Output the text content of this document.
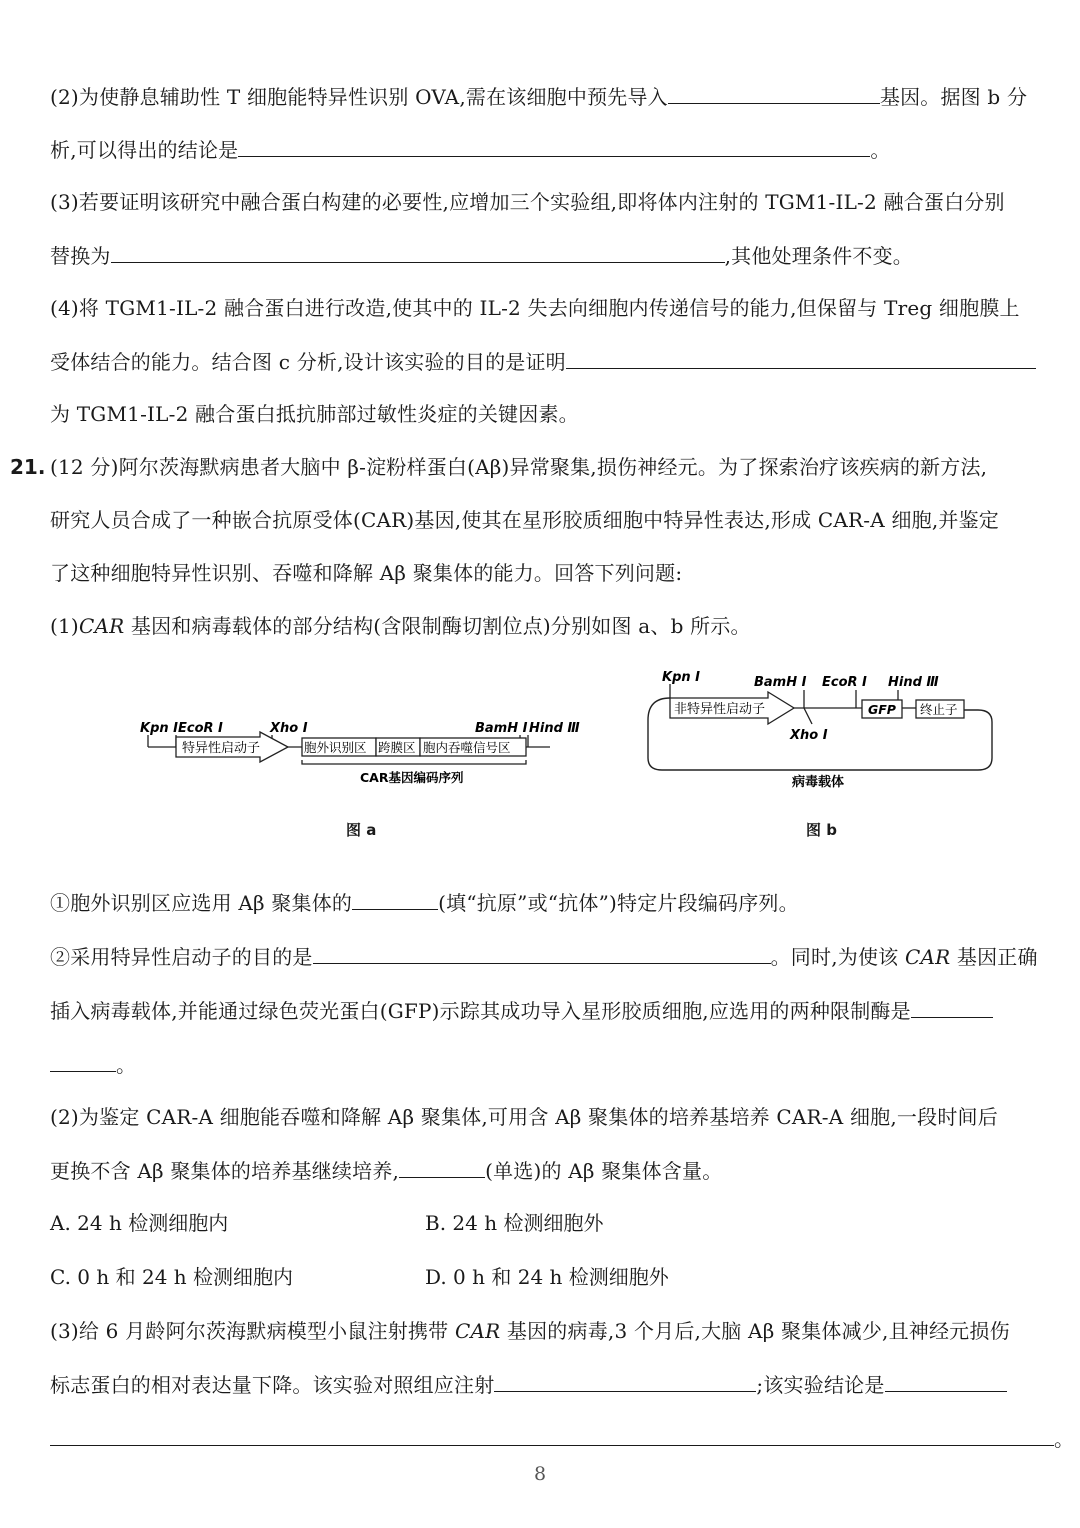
(2)为使静息辅助性 T 细胞能特异性识别 OVA,需在该细胞中预先导入	基因。据图 b 分
析,可以得出的结论是	。
(3)若要证明该研究中融合蛋白构建的必要性,应增加三个实验组,即将体内注射的 TGM1-IL-2 融合蛋白分别
替换为	,其他处理条件不变。
(4)将 TGM1-IL-2 融合蛋白进行改造,使其中的 IL-2 失去向细胞内传递信号的能力,但保留与 Treg 细胞膜上
受体结合的能力。结合图 c 分析,设计该实验的目的是证明
为 TGM1-IL-2 融合蛋白抵抗肺部过敏性炎症的关键因素。
21. (12 分)阿尔茨海默病患者大脑中 β-淀粉样蛋白(Aβ)异常聚集,损伤神经元。为了探索治疗该疾病的新方法,
研究人员合成了一种嵌合抗原受体(CAR)基因,使其在星形胶质细胞中特异性表达,形成 CAR-A 细胞,并鉴定
了这种细胞特异性识别、吞噬和降解 Aβ 聚集体的能力。回答下列问题:
(1)CAR 基因和病毒载体的部分结构(含限制酶切割位点)分别如图 a、b 所示。
Kpn Ⅰ EcoR Ⅰ	Xho Ⅰ	BamH Ⅰ Hind Ⅲ
特异性启动子	胞外识别区 跨膜区 胞内吞噬信号区
CAR基因编码序列
图 a
Kpn Ⅰ	BamH Ⅰ EcoR Ⅰ Hind Ⅲ
Xho Ⅰ
非特异性启动子	GFP 终止子
病毒载体
图 b
①胞外识别区应选用 Aβ 聚集体的	(填“抗原”或“抗体”)特定片段编码序列。
②采用特异性启动子的目的是	。同时,为使该 CAR 基因正确
插入病毒载体,并能通过绿色荧光蛋白(GFP)示踪其成功导入星形胶质细胞,应选用的两种限制酶是
。
(2)为鉴定 CAR-A 细胞能吞噬和降解 Aβ 聚集体,可用含 Aβ 聚集体的培养基培养 CAR-A 细胞,一段时间后
更换不含 Aβ 聚集体的培养基继续培养,	(单选)的 Aβ 聚集体含量。
A. 24 h 检测细胞内	B. 24 h 检测细胞外
C. 0 h 和 24 h 检测细胞内	D. 0 h 和 24 h 检测细胞外
(3)给 6 月龄阿尔茨海默病模型小鼠注射携带 CAR 基因的病毒,3 个月后,大脑 Aβ 聚集体减少,且神经元损伤
标志蛋白的相对表达量下降。该实验对照组应注射	;该实验结论是
。
8
